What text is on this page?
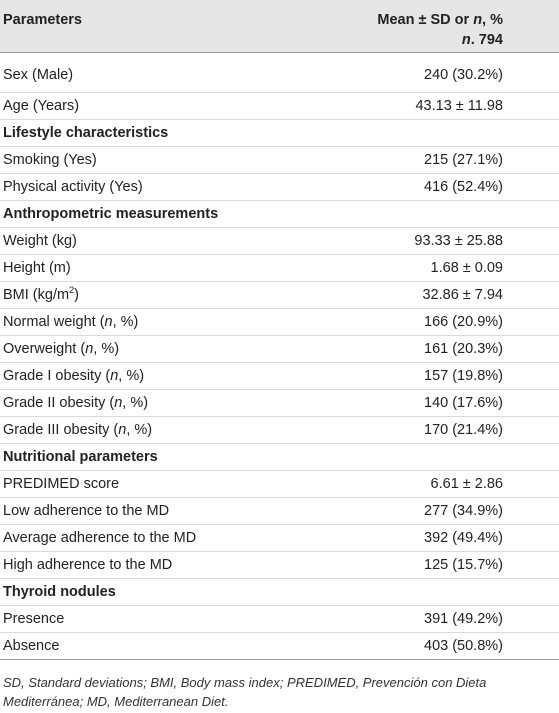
Parameters	Mean ± SD or n, %
n. 794
Sex (Male)	240 (30.2%)
Age (Years)	43.13 ± 11.98
Lifestyle characteristics	
Smoking (Yes)	215 (27.1%)
Physical activity (Yes)	416 (52.4%)
Anthropometric measurements	
Weight (kg)	93.33 ± 25.88
Height (m)	1.68 ± 0.09
BMI $(kg/m^2)$	32.86 ± 7.94
Normal weight (n, %)	166 (20.9%)
Overweight (n, %)	161 (20.3%)
Grade I obesity (n, %)	157 (19.8%)
Grade II obesity (n, %)	140 (17.6%)
Grade III obesity (n, %)	170 (21.4%)
Nutritional parameters	
PREDIMED score	6.61 ± 2.86
Low adherence to the MD	277 (34.9%)
Average adherence to the MD	392 (49.4%)
High adherence to the MD	125 (15.7%)
Thyroid nodules	
Presence	391 (49.2%)
Absence	403 (50.8%)
SD, Standard deviations; BMI, Body mass index; PREDIMED, Prevención con Dieta Mediterránea; MD, Mediterranean Diet.
